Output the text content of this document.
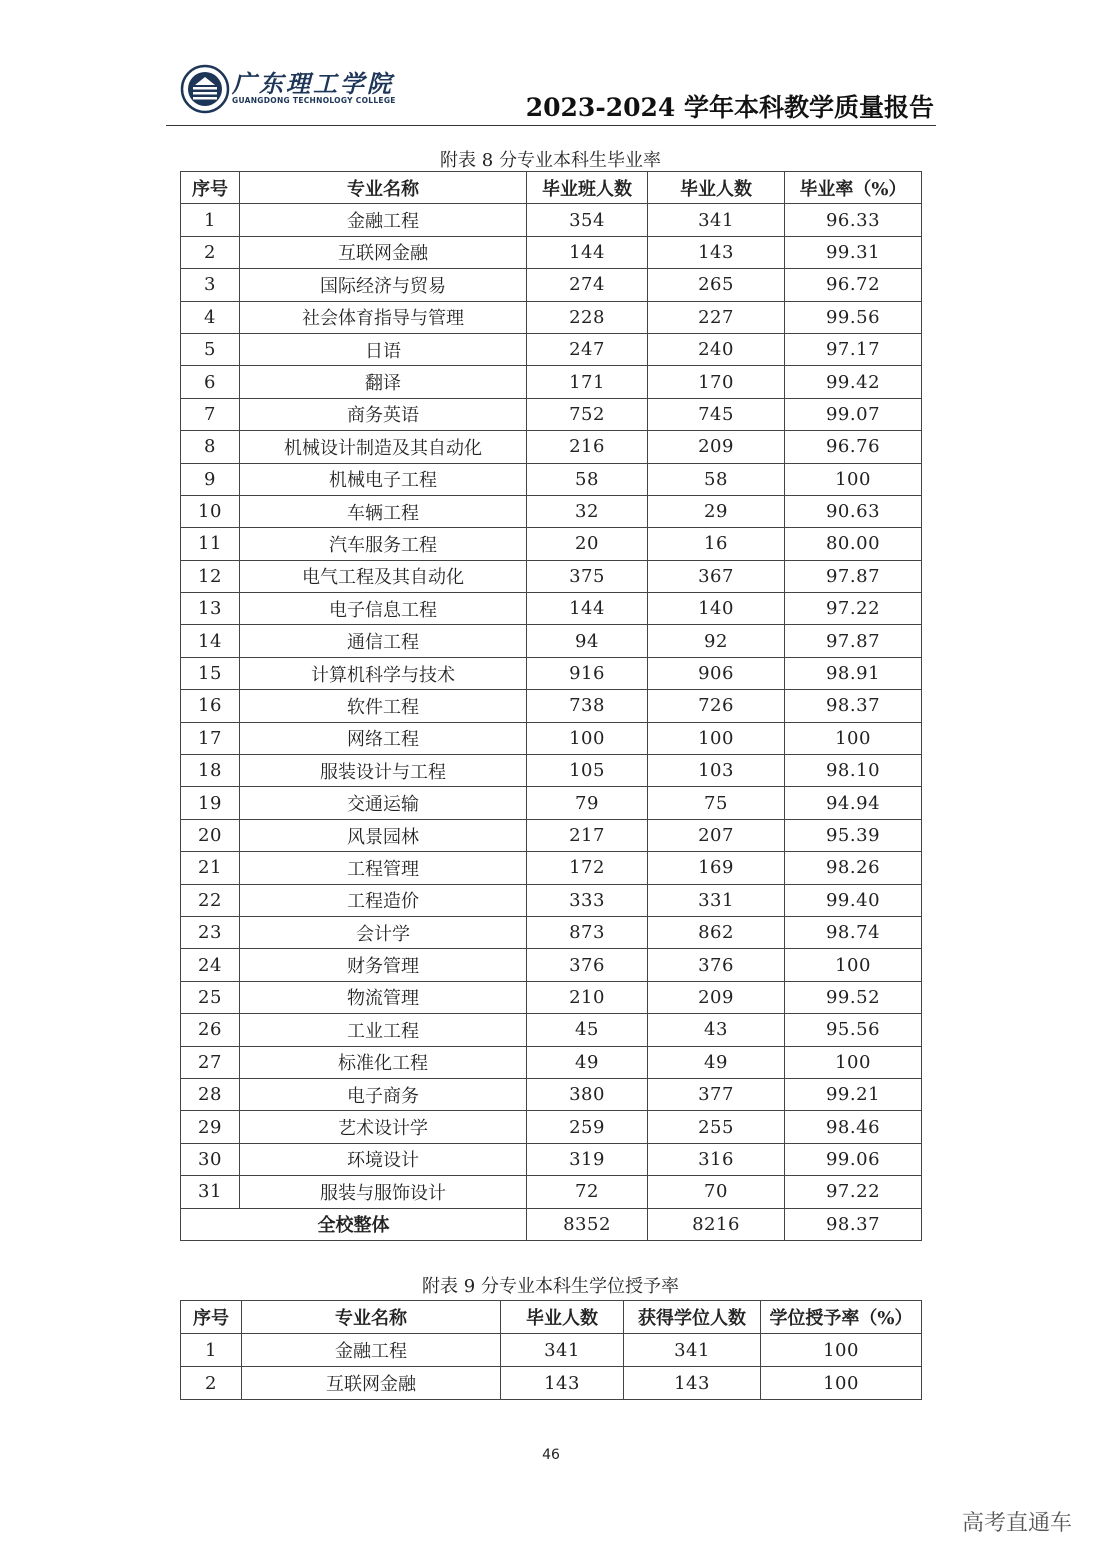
广东理工学院
GUANGDONG TECHNOLOGY COLLEGE	2023-2024 学年本科教学质量报告
附表 8 分专业本科生毕业率
序号	专业名称	毕业班人数	毕业人数	毕业率（%）
1	金融工程	354	341	96.33
2	互联网金融	144	143	99.31
3	国际经济与贸易	274	265	96.72
4	社会体育指导与管理	228	227	99.56
5	日语	247	240	97.17
6	翻译	171	170	99.42
7	商务英语	752	745	99.07
8	机械设计制造及其自动化	216	209	96.76
9	机械电子工程	58	58	100
10	车辆工程	32	29	90.63
11	汽车服务工程	20	16	80.00
12	电气工程及其自动化	375	367	97.87
13	电子信息工程	144	140	97.22
14	通信工程	94	92	97.87
15	计算机科学与技术	916	906	98.91
16	软件工程	738	726	98.37
17	网络工程	100	100	100
18	服装设计与工程	105	103	98.10
19	交通运输	79	75	94.94
20	风景园林	217	207	95.39
21	工程管理	172	169	98.26
22	工程造价	333	331	99.40
23	会计学	873	862	98.74
24	财务管理	376	376	100
25	物流管理	210	209	99.52
26	工业工程	45	43	95.56
27	标准化工程	49	49	100
28	电子商务	380	377	99.21
29	艺术设计学	259	255	98.46
30	环境设计	319	316	99.06
31	服装与服饰设计	72	70	97.22
全校整体		8352	8216	98.37
附表 9 分专业本科生学位授予率
序号	专业名称	毕业人数	获得学位人数	学位授予率（%）
1	金融工程	341	341	100
2	互联网金融	143	143	100
46
高考直通车
